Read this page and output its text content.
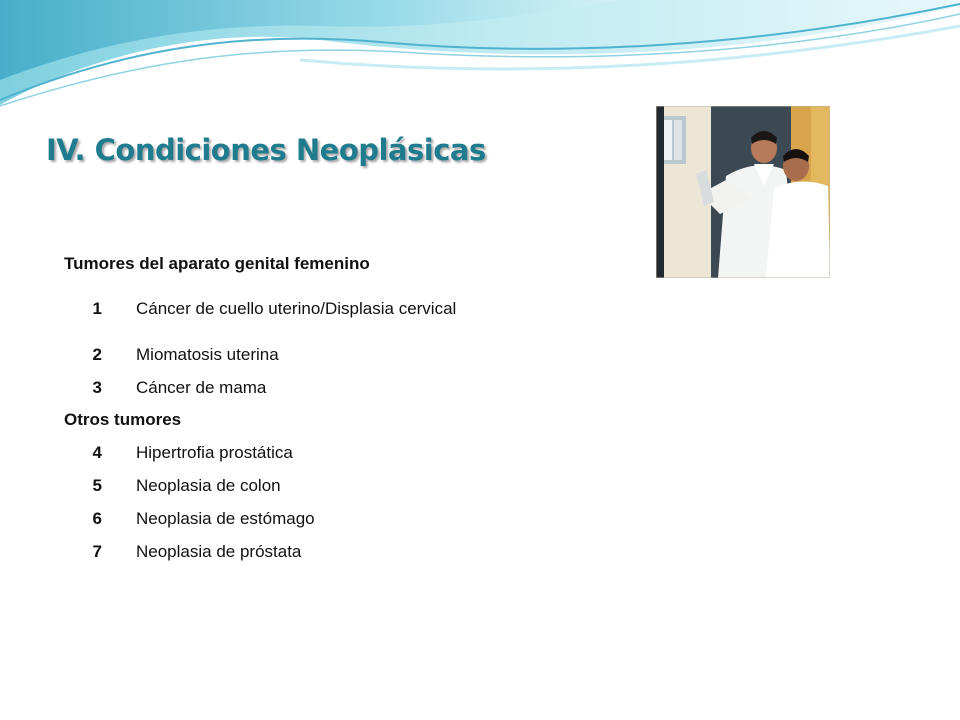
IV. Condiciones Neoplásicas
Tumores del aparato genital femenino
1	Cáncer de cuello uterino/Displasia cervical
2	Miomatosis uterina
3	Cáncer de mama
Otros tumores
4	Hipertrofia prostática
5	Neoplasia de colon
6	Neoplasia de estómago
7	Neoplasia de próstata
